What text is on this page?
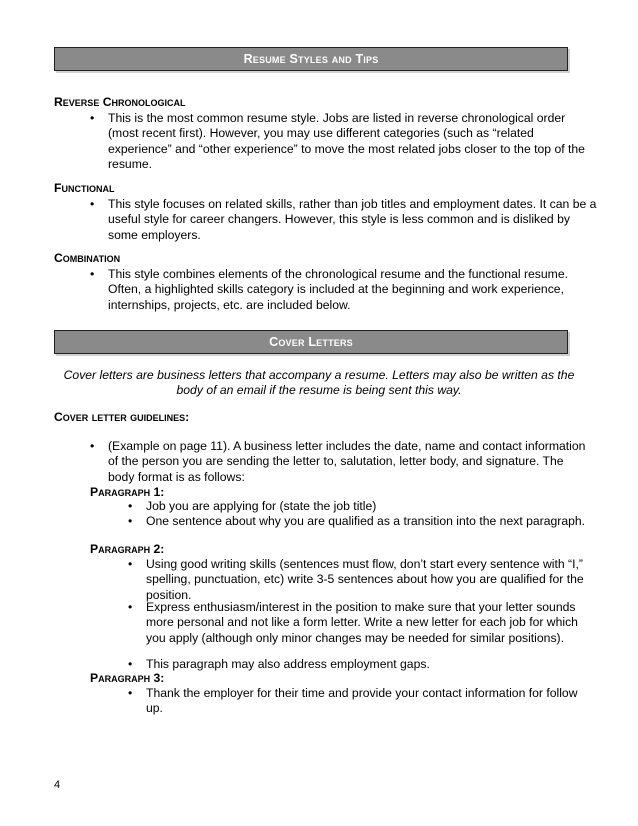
Resume Styles and Tips
Reverse Chronological
• This is the most common resume style. Jobs are listed in reverse chronological order (most recent first). However, you may use different categories (such as “related experience” and “other experience” to move the most related jobs closer to the top of the resume.
Functional
• This style focuses on related skills, rather than job titles and employment dates. It can be a useful style for career changers. However, this style is less common and is disliked by some employers.
Combination
• This style combines elements of the chronological resume and the functional resume. Often, a highlighted skills category is included at the beginning and work experience, internships, projects, etc. are included below.
Cover Letters
Cover letters are business letters that accompany a resume. Letters may also be written as the body of an email if the resume is being sent this way.
Cover letter guidelines:
• (Example on page 11). A business letter includes the date, name and contact information of the person you are sending the letter to, salutation, letter body, and signature. The body format is as follows:
Paragraph 1:
• Job you are applying for (state the job title)
• One sentence about why you are qualified as a transition into the next paragraph.
Paragraph 2:
• Using good writing skills (sentences must flow, don’t start every sentence with “I,” spelling, punctuation, etc) write 3-5 sentences about how you are qualified for the position.
• Express enthusiasm/interest in the position to make sure that your letter sounds more personal and not like a form letter. Write a new letter for each job for which you apply (although only minor changes may be needed for similar positions).
• This paragraph may also address employment gaps.
Paragraph 3:
• Thank the employer for their time and provide your contact information for follow up.
4
